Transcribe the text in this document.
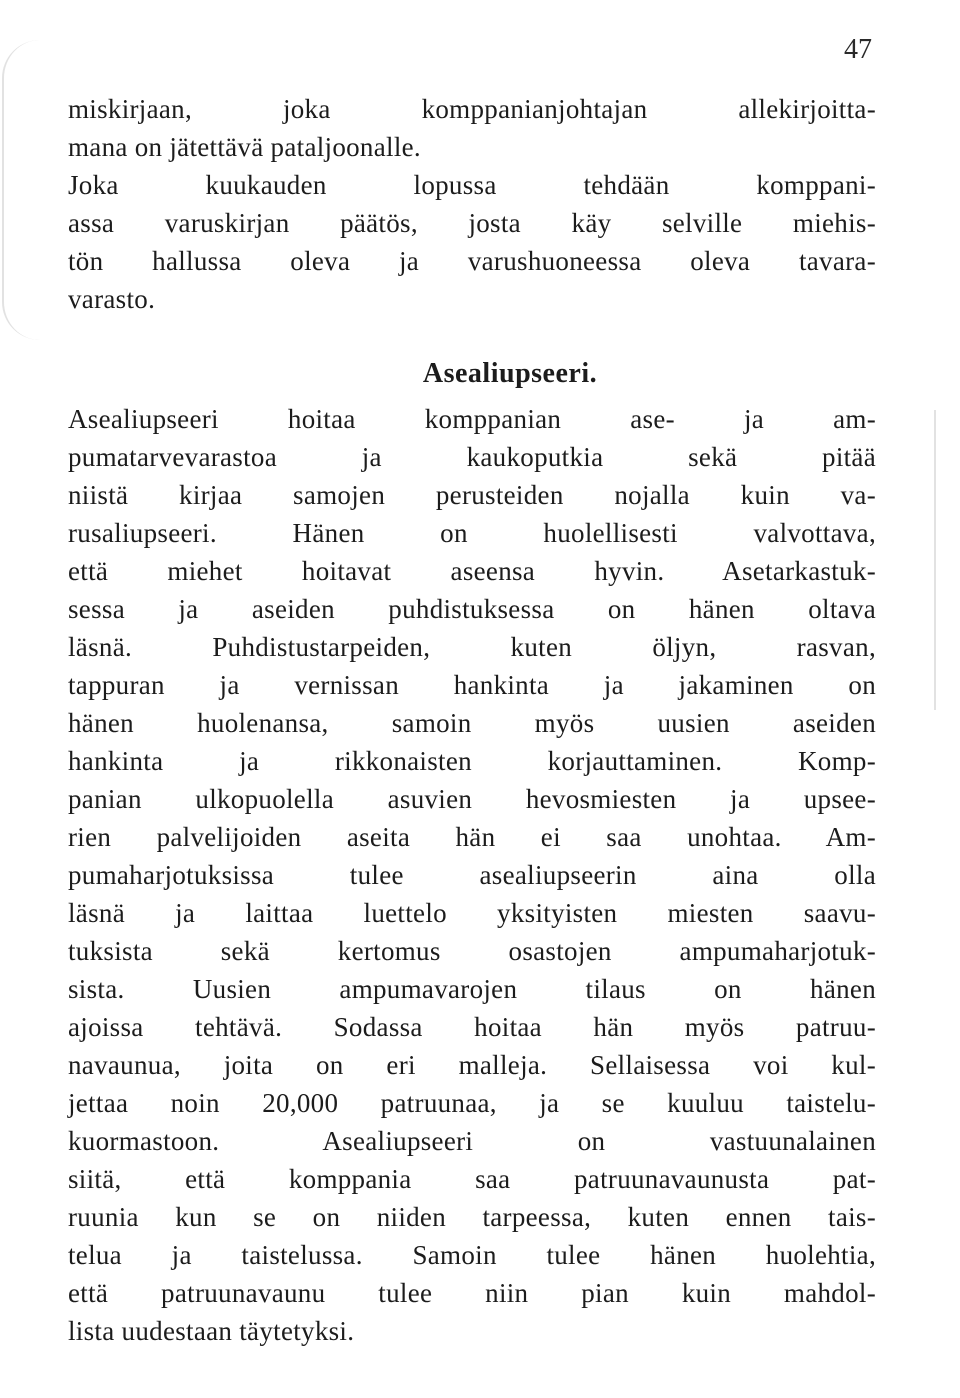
47
miskirjaan, joka komppanianjohtajan allekirjoitta-
mana on jätettävä pataljoonalle.
Joka kuukauden lopussa tehdään komppani-
assa varuskirjan päätös, josta käy selville miehis-
tön hallussa oleva ja varushuoneessa oleva tavara-
varasto.
Asealiupseeri.
Asealiupseeri hoitaa komppanian ase- ja am-
pumatarvevarastoa ja kaukoputkia sekä pitää
niistä kirjaa samojen perusteiden nojalla kuin va-
rusaliupseeri. Hänen on huolellisesti valvottava,
että miehet hoitavat aseensa hyvin. Asetarkastuk-
sessa ja aseiden puhdistuksessa on hänen oltava
läsnä. Puhdistustarpeiden, kuten öljyn, rasvan,
tappuran ja vernissan hankinta ja jakaminen on
hänen huolenansa, samoin myös uusien aseiden
hankinta ja rikkonaisten korjauttaminen. Komp-
panian ulkopuolella asuvien hevosmiesten ja upsee-
rien palvelijoiden aseita hän ei saa unohtaa. Am-
pumaharjotuksissa tulee asealiupseerin aina olla
läsnä ja laittaa luettelo yksityisten miesten saavu-
tuksista sekä kertomus osastojen ampumaharjotuk-
sista. Uusien ampumavarojen tilaus on hänen
ajoissa tehtävä. Sodassa hoitaa hän myös patruu-
navaunua, joita on eri malleja. Sellaisessa voi kul-
jettaa noin 20,000 patruunaa, ja se kuuluu taistelu-
kuormastoon. Asealiupseeri on vastuunalainen
siitä, että komppania saa patruunavaunusta pat-
ruunia kun se on niiden tarpeessa, kuten ennen tais-
telua ja taistelussa. Samoin tulee hänen huolehtia,
että patruunavaunu tulee niin pian kuin mahdol-
lista uudestaan täytetyksi.
